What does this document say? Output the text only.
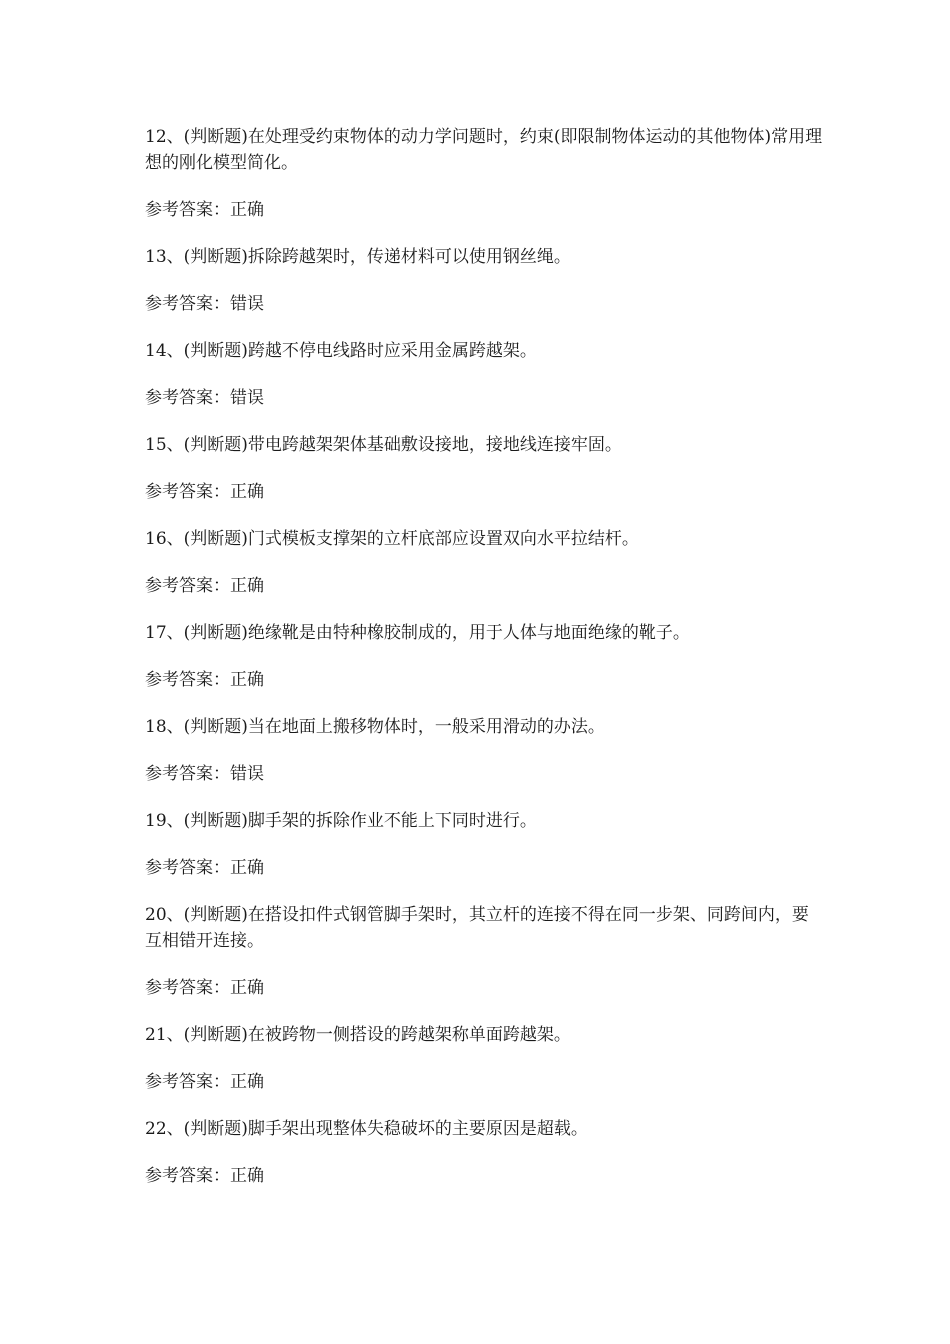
12、(判断题)在处理受约束物体的动力学问题时，约束(即限制物体运动的其他物体)常用理想的刚化模型简化。

参考答案：正确

13、(判断题)拆除跨越架时，传递材料可以使用钢丝绳。

参考答案：错误

14、(判断题)跨越不停电线路时应采用金属跨越架。

参考答案：错误

15、(判断题)带电跨越架架体基础敷设接地，接地线连接牢固。

参考答案：正确

16、(判断题)门式模板支撑架的立杆底部应设置双向水平拉结杆。

参考答案：正确

17、(判断题)绝缘靴是由特种橡胶制成的，用于人体与地面绝缘的靴子。

参考答案：正确

18、(判断题)当在地面上搬移物体时，一般采用滑动的办法。

参考答案：错误

19、(判断题)脚手架的拆除作业不能上下同时进行。

参考答案：正确

20、(判断题)在搭设扣件式钢管脚手架时，其立杆的连接不得在同一步架、同跨间内，要互相错开连接。

参考答案：正确

21、(判断题)在被跨物一侧搭设的跨越架称单面跨越架。

参考答案：正确

22、(判断题)脚手架出现整体失稳破坏的主要原因是超载。

参考答案：正确
